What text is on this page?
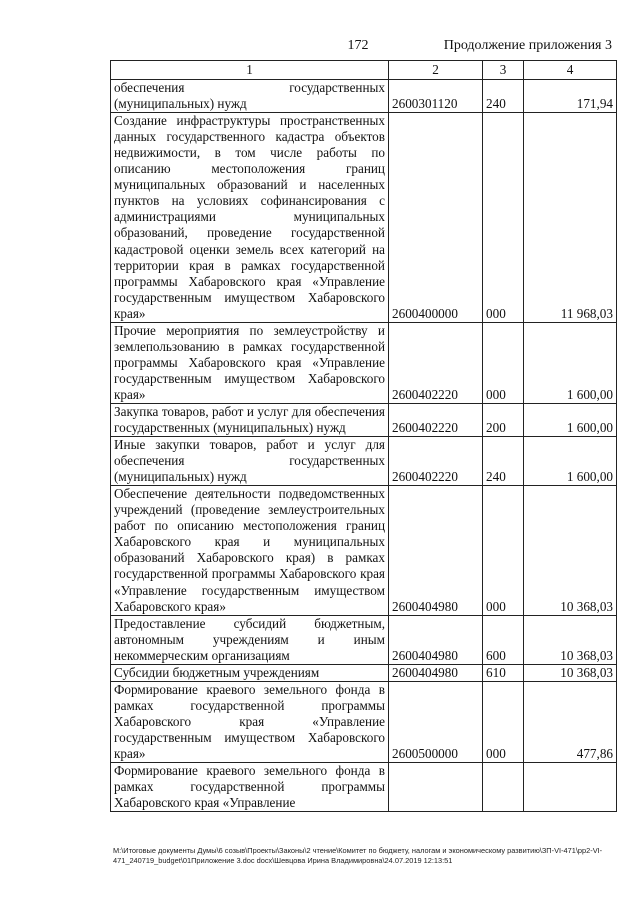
172	Продолжение приложения 3
1	2	3	4
обеспечения государственных (муниципальных) нужд	2600301120	240	171,94
Создание инфраструктуры пространственных данных государственного кадастра объектов недвижимости, в том числе работы по описанию местоположения границ муниципальных образований и населенных пунктов на условиях софинансирования с администрациями муниципальных образований, проведение государственной кадастровой оценки земель всех категорий на территории края в рамках государственной программы Хабаровского края «Управление государственным имуществом Хабаровского края»	2600400000	000	11 968,03
Прочие мероприятия по землеустройству и землепользованию в рамках государственной программы Хабаровского края «Управление государственным имуществом Хабаровского края»	2600402220	000	1 600,00
Закупка товаров, работ и услуг для обеспечения государственных (муниципальных) нужд	2600402220	200	1 600,00
Иные закупки товаров, работ и услуг для обеспечения государственных (муниципальных) нужд	2600402220	240	1 600,00
Обеспечение деятельности подведомственных учреждений (проведение землеустроительных работ по описанию местоположения границ Хабаровского края и муниципальных образований Хабаровского края) в рамках государственной программы Хабаровского края «Управление государственным имуществом Хабаровского края»	2600404980	000	10 368,03
Предоставление субсидий бюджетным, автономным учреждениям и иным некоммерческим организациям	2600404980	600	10 368,03
Субсидии бюджетным учреждениям	2600404980	610	10 368,03
Формирование краевого земельного фонда в рамках государственной программы Хабаровского края «Управление государственным имуществом Хабаровского края»	2600500000	000	477,86
Формирование краевого земельного фонда в рамках государственной программы Хабаровского края «Управление			
M:\Итоговые документы Думы\6 созыв\Проекты\Законы\2 чтение\Комитет по бюджету, налогам и экономическому развитию\ЗП-VI-471\рр2-VI-
471_240719_budget\01Приложение 3.doc docx\Шевцова Ирина Владимировна\24.07.2019 12:13:51
